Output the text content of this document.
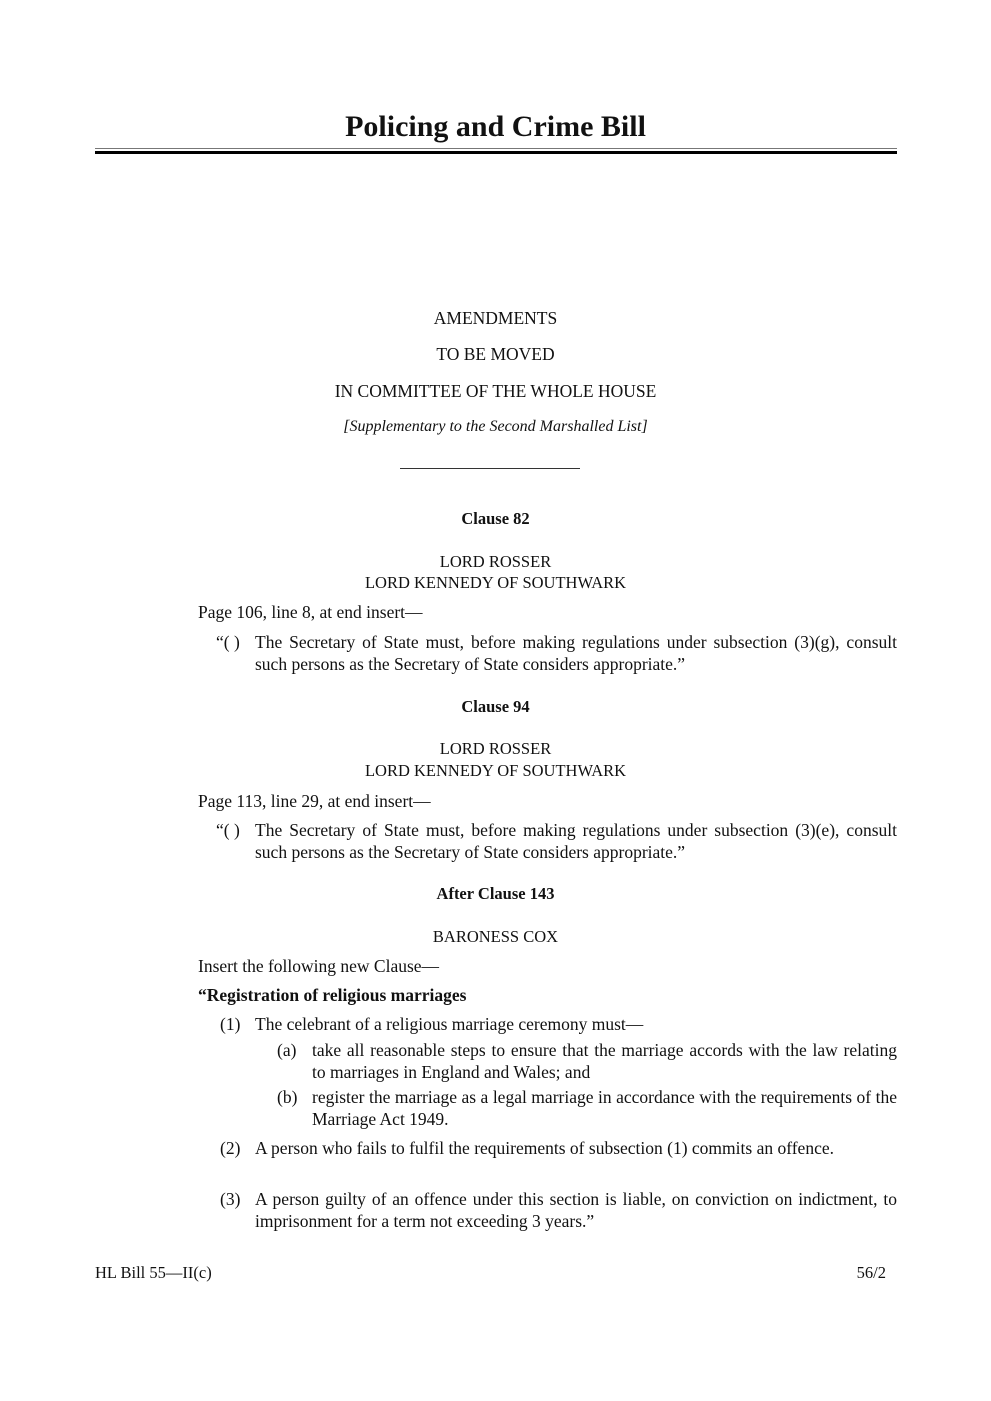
Policing and Crime Bill
AMENDMENTS
TO BE MOVED
IN COMMITTEE OF THE WHOLE HOUSE
[Supplementary to the Second Marshalled List]
Clause 82
LORD ROSSER
LORD KENNEDY OF SOUTHWARK
Page 106, line 8, at end insert—
“( ) The Secretary of State must, before making regulations under subsection (3)(g), consult such persons as the Secretary of State considers appropriate.”
Clause 94
LORD ROSSER
LORD KENNEDY OF SOUTHWARK
Page 113, line 29, at end insert—
“( ) The Secretary of State must, before making regulations under subsection (3)(e), consult such persons as the Secretary of State considers appropriate.”
After Clause 143
BARONESS COX
Insert the following new Clause—
“Registration of religious marriages
(1) The celebrant of a religious marriage ceremony must—
(a) take all reasonable steps to ensure that the marriage accords with the law relating to marriages in England and Wales; and
(b) register the marriage as a legal marriage in accordance with the requirements of the Marriage Act 1949.
(2) A person who fails to fulfil the requirements of subsection (1) commits an offence.
(3) A person guilty of an offence under this section is liable, on conviction on indictment, to imprisonment for a term not exceeding 3 years.”
HL Bill 55—II(c)	56/2
